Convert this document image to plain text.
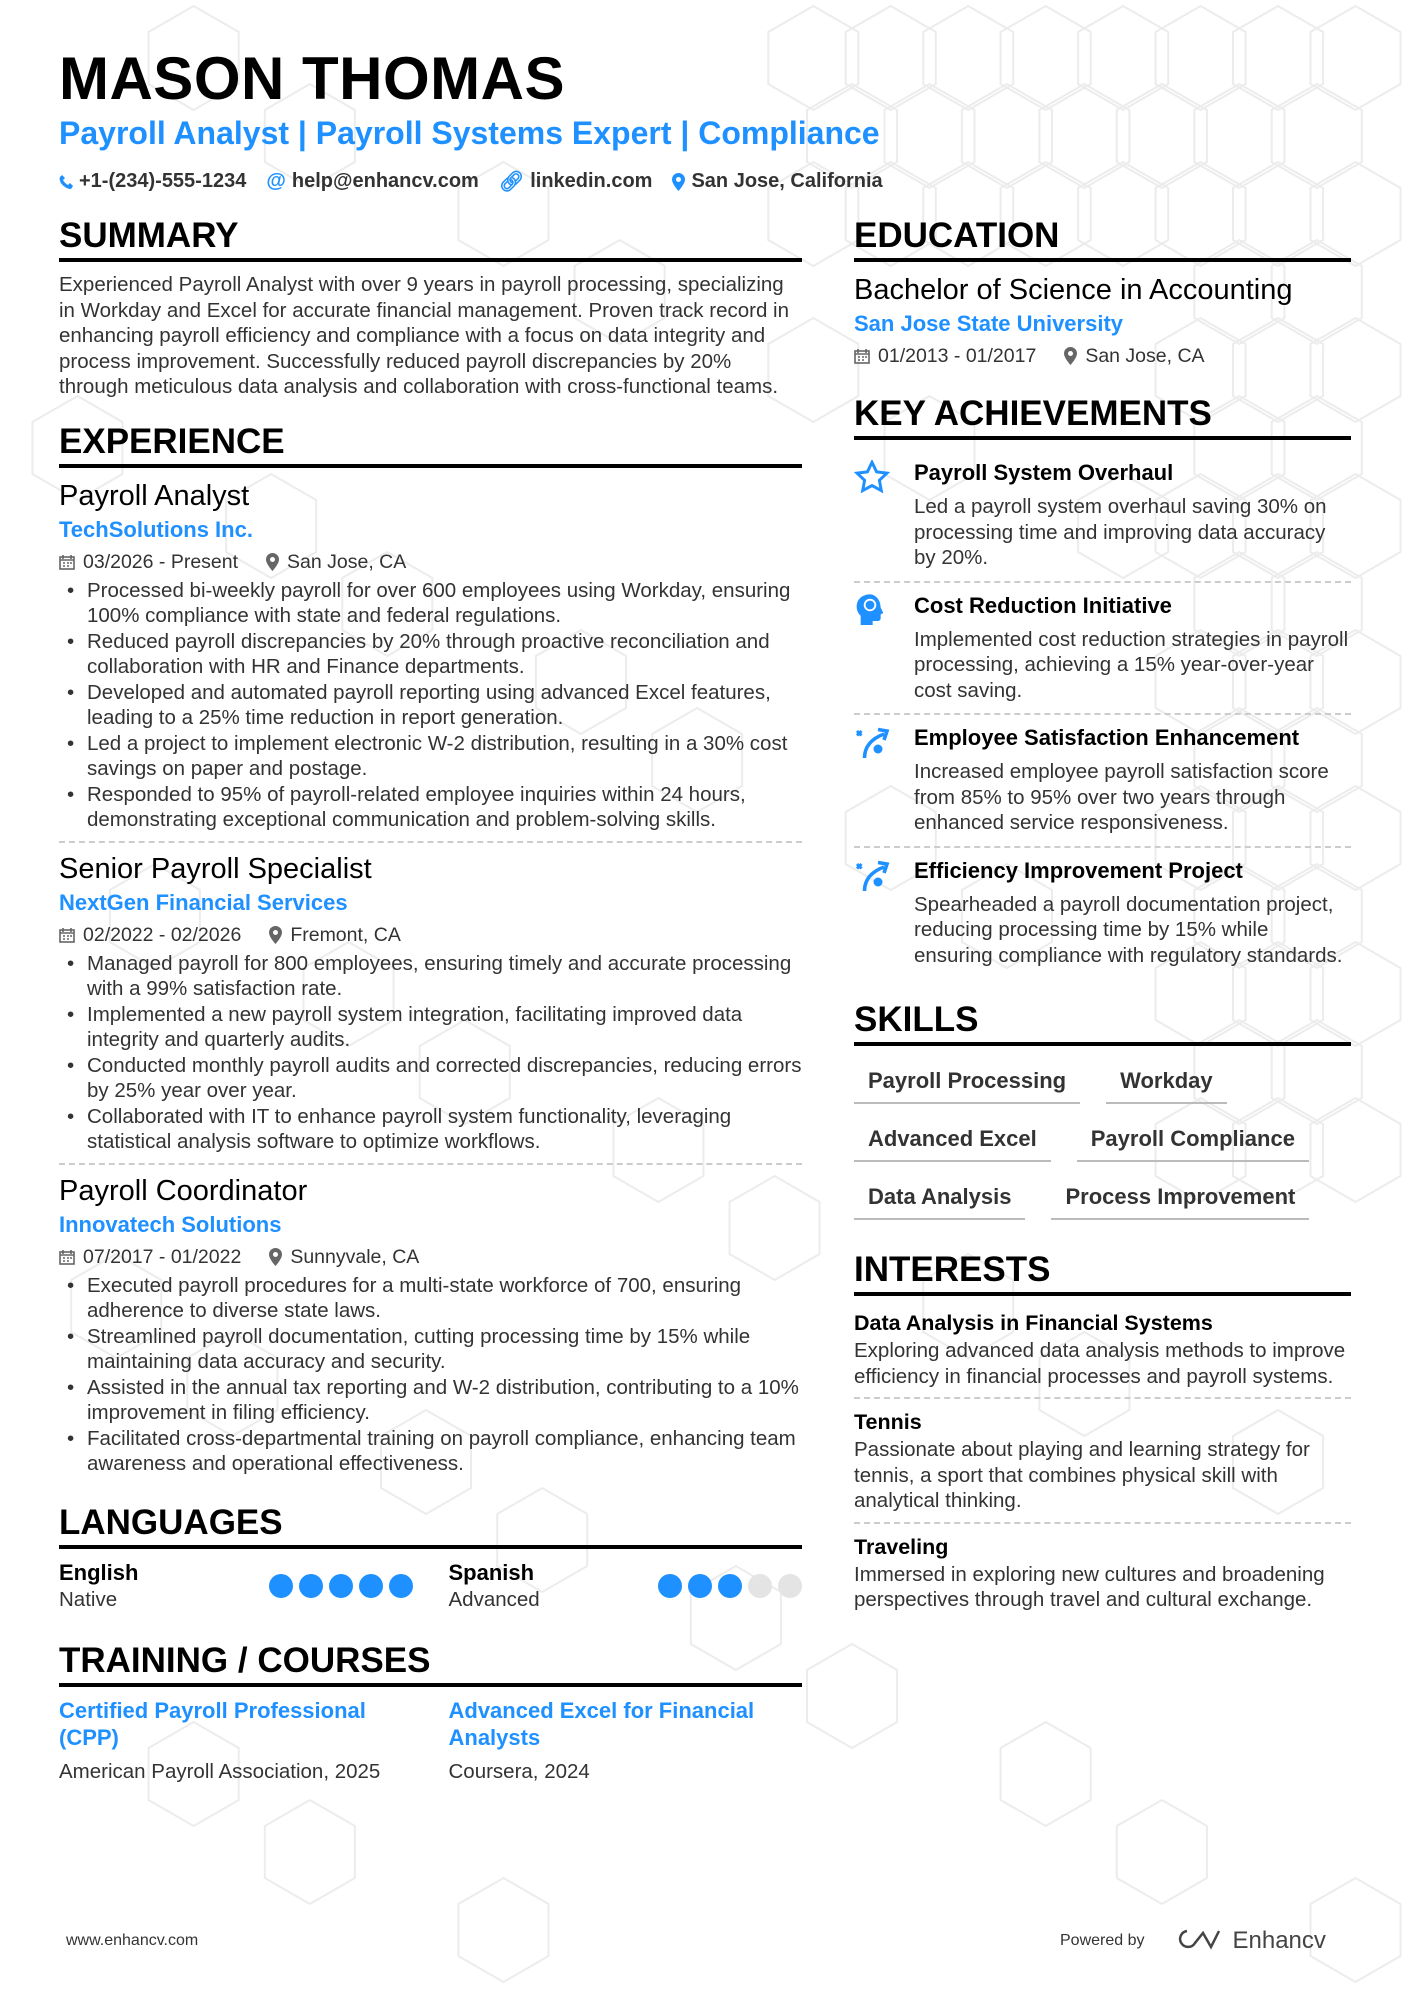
MASON THOMAS
Payroll Analyst | Payroll Systems Expert | Compliance
+1-(234)-555-1234 @ help@enhancv.com 🔗︎ linkedin.com San Jose, California
SUMMARY
Experienced Payroll Analyst with over 9 years in payroll processing, specializing in Workday and Excel for accurate financial management. Proven track record in enhancing payroll efficiency and compliance with a focus on data integrity and process improvement. Successfully reduced payroll discrepancies by 20% through meticulous data analysis and collaboration with cross-functional teams.
EXPERIENCE
Payroll Analyst
TechSolutions Inc.
03/2026 - Present	San Jose, CA
• Processed bi-weekly payroll for over 600 employees using Workday, ensuring 100% compliance with state and federal regulations.
• Reduced payroll discrepancies by 20% through proactive reconciliation and collaboration with HR and Finance departments.
• Developed and automated payroll reporting using advanced Excel features, leading to a 25% time reduction in report generation.
• Led a project to implement electronic W-2 distribution, resulting in a 30% cost savings on paper and postage.
• Responded to 95% of payroll-related employee inquiries within 24 hours, demonstrating exceptional communication and problem-solving skills.
Senior Payroll Specialist
NextGen Financial Services
02/2022 - 02/2026	Fremont, CA
• Managed payroll for 800 employees, ensuring timely and accurate processing with a 99% satisfaction rate.
• Implemented a new payroll system integration, facilitating improved data integrity and quarterly audits.
• Conducted monthly payroll audits and corrected discrepancies, reducing errors by 25% year over year.
• Collaborated with IT to enhance payroll system functionality, leveraging statistical analysis software to optimize workflows.
Payroll Coordinator
Innovatech Solutions
07/2017 - 01/2022	Sunnyvale, CA
• Executed payroll procedures for a multi-state workforce of 700, ensuring adherence to diverse state laws.
• Streamlined payroll documentation, cutting processing time by 15% while maintaining data accuracy and security.
• Assisted in the annual tax reporting and W-2 distribution, contributing to a 10% improvement in filing efficiency.
• Facilitated cross-departmental training on payroll compliance, enhancing team awareness and operational effectiveness.
LANGUAGES
English
Native
Spanish
Advanced
TRAINING / COURSES
Certified Payroll Professional (CPP)
American Payroll Association, 2025
Advanced Excel for Financial Analysts
Coursera, 2024
EDUCATION
Bachelor of Science in Accounting
San Jose State University
01/2013 - 01/2017	San Jose, CA
KEY ACHIEVEMENTS
Payroll System Overhaul
Led a payroll system overhaul saving 30% on processing time and improving data accuracy by 20%.
Cost Reduction Initiative
Implemented cost reduction strategies in payroll processing, achieving a 15% year-over-year cost saving.
Employee Satisfaction Enhancement
Increased employee payroll satisfaction score from 85% to 95% over two years through enhanced service responsiveness.
Efficiency Improvement Project
Spearheaded a payroll documentation project, reducing processing time by 15% while ensuring compliance with regulatory standards.
SKILLS
Payroll Processing	Workday
Advanced Excel	Payroll Compliance
Data Analysis	Process Improvement
INTERESTS
Data Analysis in Financial Systems
Exploring advanced data analysis methods to improve efficiency in financial processes and payroll systems.
Tennis
Passionate about playing and learning strategy for tennis, a sport that combines physical skill with analytical thinking.
Traveling
Immersed in exploring new cultures and broadening perspectives through travel and cultural exchange.
www.enhancv.com	Powered by	Enhancv
